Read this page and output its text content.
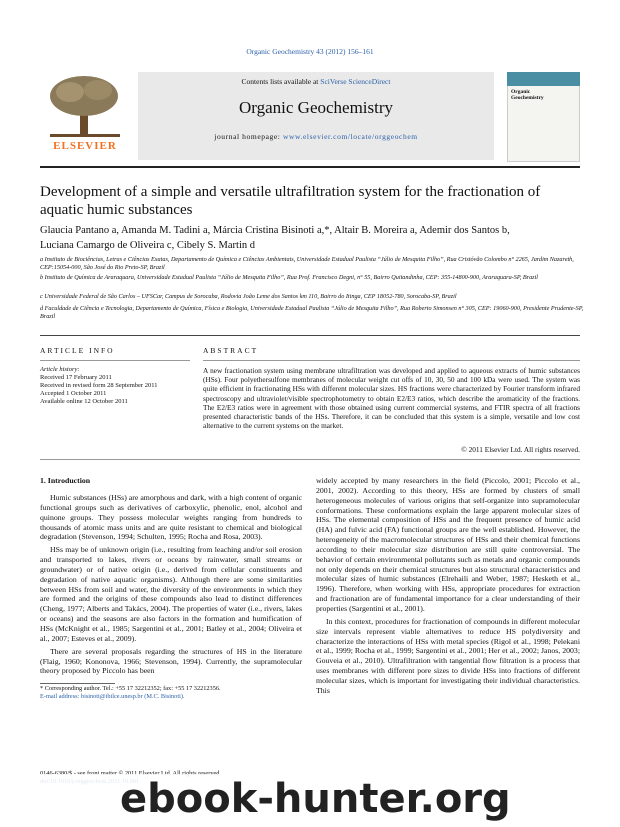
Organic Geochemistry 43 (2012) 156–161
ELSEVIER
Contents lists available at SciVerse ScienceDirect
Organic Geochemistry
journal homepage: www.elsevier.com/locate/orggeochem
Organic Geochemistry
Development of a simple and versatile ultrafiltration system for the fractionation of aquatic humic substances
Glaucia Pantano a, Amanda M. Tadini a, Márcia Cristina Bisinoti a,*, Altair B. Moreira a, Ademir dos Santos b,
Luciana Camargo de Oliveira c, Cibely S. Martin d
a Instituto de Biociências, Letras e Ciências Exatas, Departamento de Química e Ciências Ambientais, Universidade Estadual Paulista “Júlio de Mesquita Filho”, Rua Cristóvão Colombo n° 2265, Jardim Nazareth, CEP:15054-000, São José do Rio Preto-SP, Brazil
b Instituto de Química de Araraquara, Universidade Estadual Paulista “Júlio de Mesquita Filho”, Rua Prof. Francisco Degni, n° 55, Bairro Quitandinha, CEP: 355-14800-900, Araraquara-SP, Brazil
c Universidade Federal de São Carlos – UFSCar, Campus de Sorocaba, Rodovia João Leme dos Santos km 110, Bairro do Itinga, CEP 18052-780, Sorocaba-SP, Brazil
d Faculdade de Ciência e Tecnologia, Departamento de Química, Física e Biologia, Universidade Estadual Paulista “Júlio de Mesquita Filho”, Rua Roberto Simonsen n° 305, CEP: 19060-900, Presidente Prudente-SP, Brazil
ARTICLE INFO
Article history:
Received 17 February 2011
Received in revised form 28 September 2011
Accepted 1 October 2011
Available online 12 October 2011
ABSTRACT
A new fractionation system using membrane ultrafiltration was developed and applied to aqueous extracts of humic substances (HSs). Four polyethersulfone membranes of molecular weight cut offs of 10, 30, 50 and 100 kDa were used. The system was quite efficient in fractionating HSs with different molecular sizes. HS fractions were characterized by Fourier transform infrared spectroscopy and ultraviolet/visible spectrophotometry to obtain E2/E3 ratios, which describe the aromaticity of the fractions. The E2/E3 ratios were in agreement with those obtained using current commercial systems, and FTIR spectra of all fractions presented characteristic bands of the HSs. Therefore, it can be concluded that this system is a simple, versatile and low cost alternative to the current systems on the market.
© 2011 Elsevier Ltd. All rights reserved.
1. Introduction

Humic substances (HSs) are amorphous and dark, with a high content of organic functional groups such as derivatives of carboxylic, phenolic, enol, alcohol and quinone groups. They possess molecular weights ranging from hundreds to thousands of atomic mass units and are quite resistant to chemical and biological degradation (Stevenson, 1994; Schulten, 1995; Rocha and Rosa, 2003).

HSs may be of unknown origin (i.e., resulting from leaching and/or soil erosion and transported to lakes, rivers or oceans by rainwater, small streams or groundwater) or of native origin (i.e., derived from cellular constituents and degradation of native aquatic organisms). Although there are some similarities between HSs from soil and water, the diversity of the environments in which they are formed and the origins of these compounds also lead to distinct differences (Cheng, 1977; Alberts and Takács, 2004). The properties of water (i.e., rivers, lakes or oceans) and the seasons are also factors in the formation and humification of HSs (McKnight et al., 1985; Sargentini et al., 2001; Batley et al., 2004; Oliveira et al., 2007; Esteves et al., 2009).

There are several proposals regarding the structures of HS in the literature (Flaig, 1960; Kononova, 1966; Stevenson, 1994). Currently, the supramolecular theory proposed by Piccolo has been

widely accepted by many researchers in the field (Piccolo, 2001; Piccolo et al., 2001, 2002). According to this theory, HSs are formed by clusters of small heterogeneous molecules of various origins that self-organize into supramolecular conformations. These conformations explain the large apparent molecular sizes of HSs. The elemental composition of HSs and the frequent presence of humic acid (HA) and fulvic acid (FA) functional groups are the well established. However, the heterogeneity of the macromolecular structures of HSs and their chemical functions according to their molecular size distribution are still quite controversial. The behavior of certain environmental pollutants such as metals and organic compounds not only depends on their chemical structures but also structural characteristics and molecular sizes of humic substances (Elrehaili and Weber, 1987; Hesketh et al., 1996). Therefore, when working with HSs, appropriate procedures for extraction and fractionation are of fundamental importance for a clear understanding of their properties (Sargentini et al., 2001).

In this context, procedures for fractionation of compounds in different molecular size intervals represent viable alternatives to reduce HS polydiversity and characterize the interactions of HSs with metal species (Rigol et al., 1998; Pelekani et al., 1999; Rocha et al., 1999; Sargentini et al., 2001; Her et al., 2002; Janos, 2003; Gouveia et al., 2010). Ultrafiltration with tangential flow filtration is a process that uses membranes with different pore sizes to divide HSs into fractions of different molecular sizes, which is important for investigating their individual characteristics. This

* Corresponding author. Tel.: +55 17 32212352; fax: +55 17 32212356.
E-mail address: bisinoti@ibilce.unesp.br (M.C. Bisinoti).
ebook-hunter.org
